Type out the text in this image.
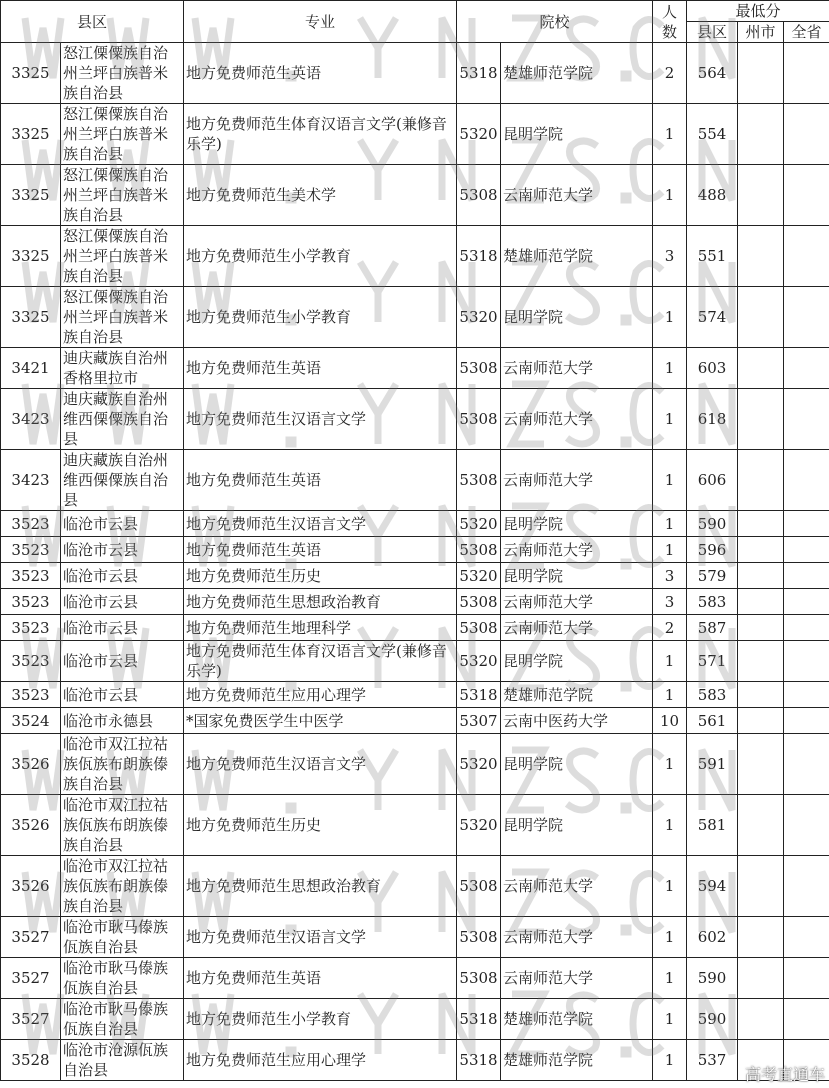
县区		专业	院校		人数	最低分		
						县区	州市	全省
3325	怒江傈僳族自治州兰坪白族普米族自治县	地方免费师范生英语	5318	楚雄师范学院	2	564		
3325	怒江傈僳族自治州兰坪白族普米族自治县	地方免费师范生体育汉语言文学(兼修音乐学)	5320	昆明学院	1	554		
3325	怒江傈僳族自治州兰坪白族普米族自治县	地方免费师范生美术学	5308	云南师范大学	1	488		
3325	怒江傈僳族自治州兰坪白族普米族自治县	地方免费师范生小学教育	5318	楚雄师范学院	3	551		
3325	怒江傈僳族自治州兰坪白族普米族自治县	地方免费师范生小学教育	5320	昆明学院	1	574		
3421	迪庆藏族自治州香格里拉市	地方免费师范生英语	5308	云南师范大学	1	603		
3423	迪庆藏族自治州维西傈僳族自治县	地方免费师范生汉语言文学	5308	云南师范大学	1	618		
3423	迪庆藏族自治州维西傈僳族自治县	地方免费师范生英语	5308	云南师范大学	1	606		
3523	临沧市云县	地方免费师范生汉语言文学	5320	昆明学院	1	590		
3523	临沧市云县	地方免费师范生英语	5308	云南师范大学	1	596		
3523	临沧市云县	地方免费师范生历史	5320	昆明学院	3	579		
3523	临沧市云县	地方免费师范生思想政治教育	5308	云南师范大学	3	583		
3523	临沧市云县	地方免费师范生地理科学	5308	云南师范大学	2	587		
3523	临沧市云县	地方免费师范生体育汉语言文学(兼修音乐学)	5320	昆明学院	1	571		
3523	临沧市云县	地方免费师范生应用心理学	5318	楚雄师范学院	1	583		
3524	临沧市永德县	*国家免费医学生中医学	5307	云南中医药大学	10	561		
3526	临沧市双江拉祜族佤族布朗族傣族自治县	地方免费师范生汉语言文学	5320	昆明学院	1	591		
3526	临沧市双江拉祜族佤族布朗族傣族自治县	地方免费师范生历史	5320	昆明学院	1	581		
3526	临沧市双江拉祜族佤族布朗族傣族自治县	地方免费师范生思想政治教育	5308	云南师范大学	1	594		
3527	临沧市耿马傣族佤族自治县	地方免费师范生汉语言文学	5308	云南师范大学	1	602		
3527	临沧市耿马傣族佤族自治县	地方免费师范生英语	5308	云南师范大学	1	590		
3527	临沧市耿马傣族佤族自治县	地方免费师范生小学教育	5318	楚雄师范学院	1	590		
3528	临沧市沧源佤族自治县	地方免费师范生应用心理学	5318	楚雄师范学院	1	537		
高考直通车
